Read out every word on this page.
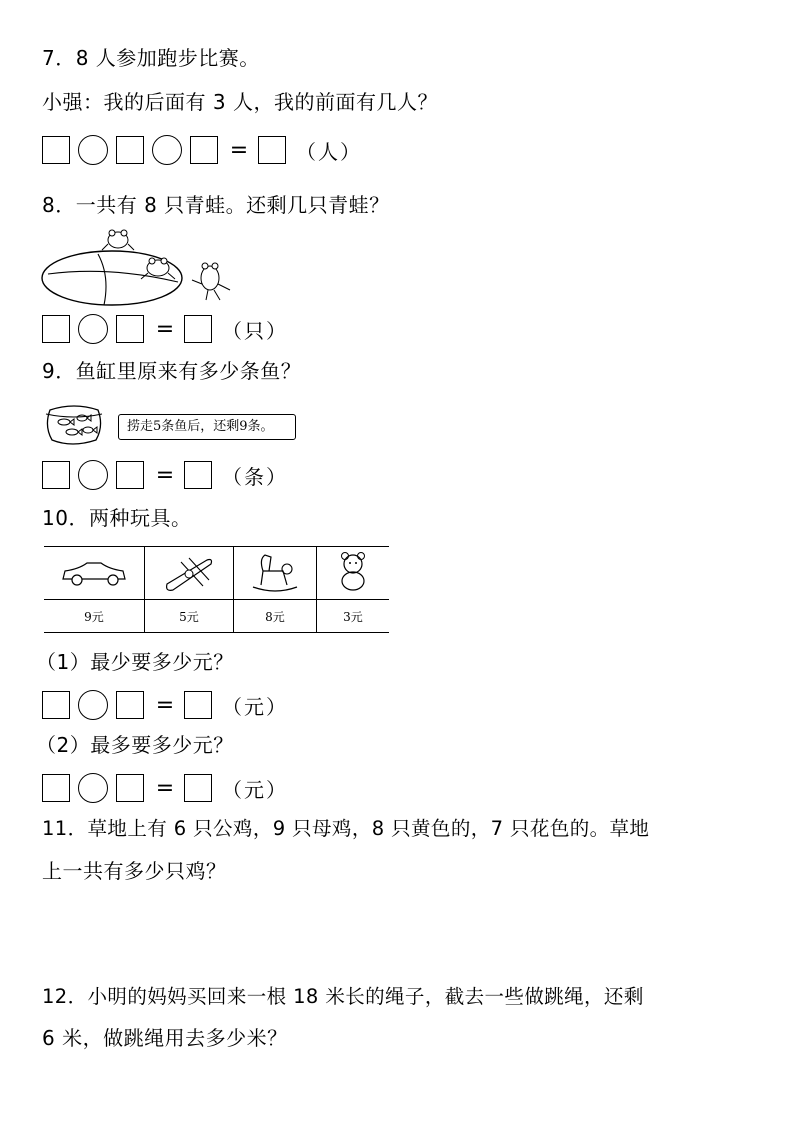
7．8 人参加跑步比赛。
小强：我的后面有 3 人，我的前面有几人？
= （人）
8．一共有 8 只青蛙。还剩几只青蛙？
= （只）
9．鱼缸里原来有多少条鱼？
捞走5条鱼后，还剩9条。
= （条）
10．两种玩具。

9元	5元	8元	3元
（1）最少要多少元？
= （元）
（2）最多要多少元？
= （元）
11．草地上有 6 只公鸡，9 只母鸡，8 只黄色的，7 只花色的。草地
上一共有多少只鸡？
12．小明的妈妈买回来一根 18 米长的绳子，截去一些做跳绳，还剩
6 米，做跳绳用去多少米？
